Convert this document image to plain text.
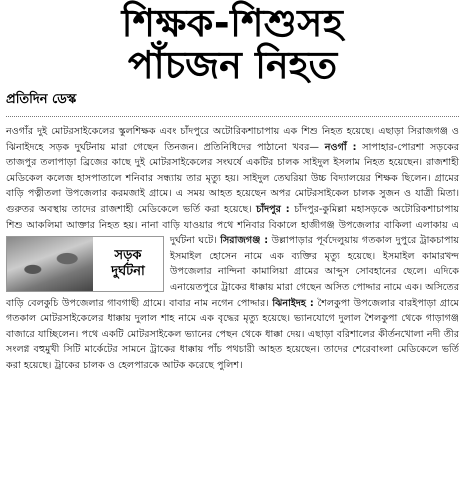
শিক্ষক-শিশুসহ
পাঁচজন নিহত
প্রতিদিন ডেস্ক

নওগাঁর দুই মোটরসাইকেলের স্কুলশিক্ষক এবং চাঁদপুরে অটোরিকশাচাপায় এক শিশু নিহত হয়েছে। এছাড়া সিরাজগঞ্জ ও ঝিনাইদহে সড়ক দুর্ঘটনায় মারা গেছেন তিনজন। প্রতিনিধিদের পাঠানো খবর— নওগাঁ : সাপাহার-পোরশা সড়কের তাজপুর তলাপাড়া ব্রিজের কাছে দুই মোটরসাইকেলের সংঘর্ষে একটির চালক সাইদুল ইসলাম নিহত হয়েছেন। রাজশাহী মেডিকেল কলেজ হাসপাতালে শনিবার সন্ধ্যায় তার মৃত্যু হয়। সাইদুল তেঘরিয়া উচ্চ বিদ্যালয়ের শিক্ষক ছিলেন। গ্রামের বাড়ি পত্নীতলা উপজেলার করমজাই গ্রামে। এ সময় আহত হয়েছেন অপর মোটরসাইকেল চালক সুজন ও যাত্রী মিতা। গুরুতর অবস্থায় তাদের রাজশাহী মেডিকেলে ভর্তি করা হয়েছে। চাঁদপুর : চাঁদপুর-কুমিল্লা মহাসড়কে অটোরিকশাচাপায় শিশু আকলিমা আক্তার নিহত হয়। নানা বাড়ি যাওয়ার পথে শনিবার বিকালে হাজীগঞ্জ উপজেলার বাকিলা এলাকায় এ দুর্ঘটনা ঘটে।
সড়ক
দুর্ঘটনা
সিরাজগঞ্জ : উল্লাপাড়ার পূর্বদেলুয়ায় গতকাল দুপুরে ট্রাকচাপায় ইসমাইল হোসেন নামে এক ব্যক্তির মৃত্যু হয়েছে। ইসমাইল কামারখন্দ উপজেলার নান্দিনা কামালিয়া গ্রামের আব্দুস সোবহানের ছেলে। এদিকে এনায়েতপুরে ট্রাকের ধাক্কায় মারা গেছেন অসিত পোদ্দার নামে এক। অসিতের বাড়ি বেলকুচি উপজেলার গাবগাছী গ্রামে। বাবার নাম নগেন পোদ্দার। ঝিনাইদহ : শৈলকুপা উপজেলার বারইপাড়া গ্রামে গতকাল মোটরসাইকেলের ধাক্কায় দুলাল শাহ নামে এক বৃদ্ধের মৃত্যু হয়েছে। ভ্যানযোগে দুলাল শৈলকুপা থেকে গাড়াগঞ্জ বাজারে যাচ্ছিলেন। পথে একটি মোটরসাইকেল ভ্যানের পেছন থেকে ধাক্কা দেয়। এছাড়া বরিশালের কীর্তনখোলা নদী তীর সংলগ্ন বহুমুখী সিটি মার্কেটের সামনে ট্রাকের ধাক্কায় পাঁচ পথচারী আহত হয়েছেন। তাদের শেরেবাংলা মেডিকেলে ভর্তি করা হয়েছে। ট্রাকের চালক ও হেলপারকে আটক করেছে পুলিশ।
